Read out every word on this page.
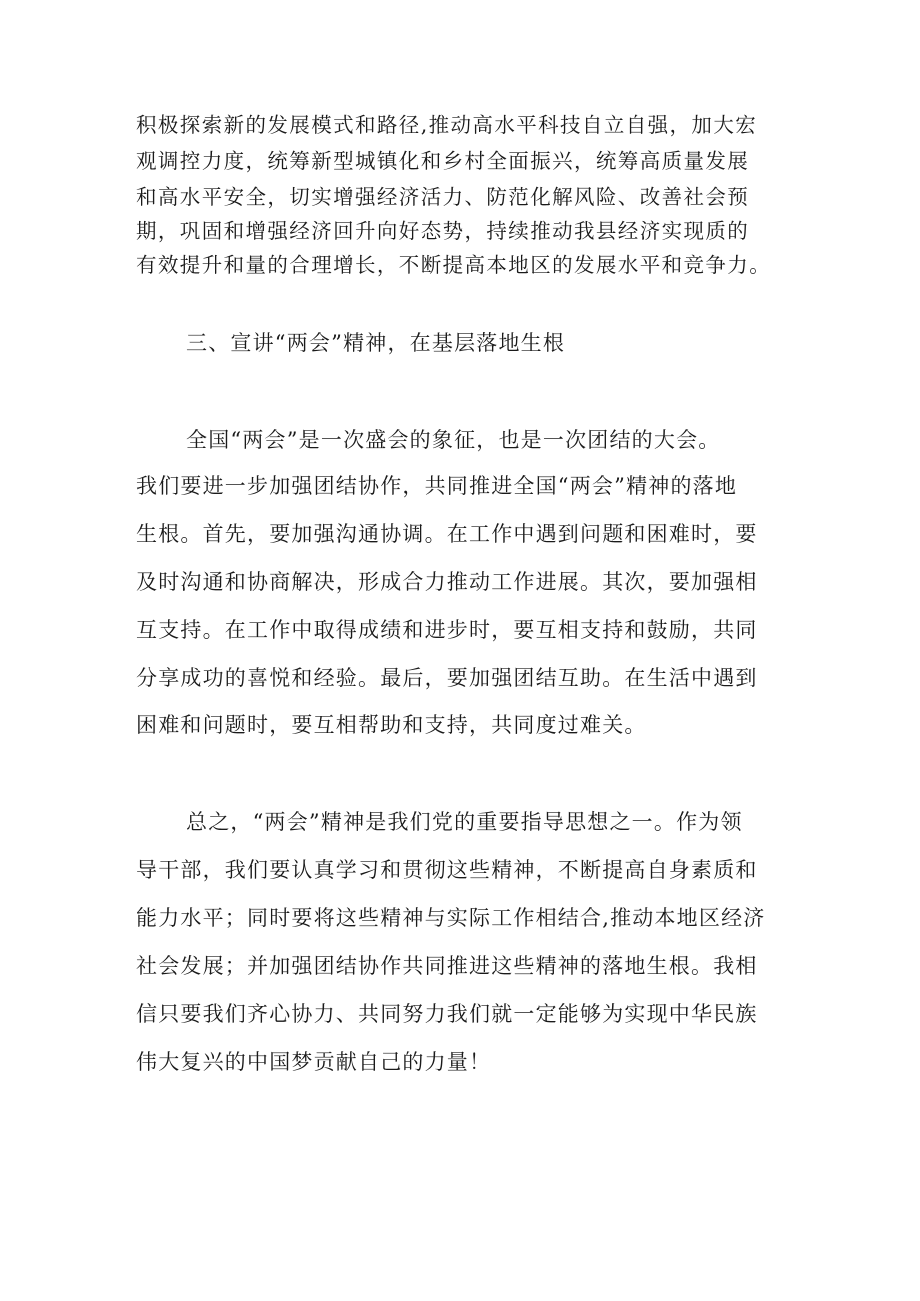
积极探索新的发展模式和路径,推动高水平科技自立自强，加大宏
观调控力度，统筹新型城镇化和乡村全面振兴，统筹高质量发展
和高水平安全，切实增强经济活力、防范化解风险、改善社会预
期，巩固和增强经济回升向好态势，持续推动我县经济实现质的
有效提升和量的合理增长，不断提高本地区的发展水平和竞争力。
三、宣讲“两会”精神，在基层落地生根
全国“两会”是一次盛会的象征，也是一次团结的大会。
我们要进一步加强团结协作，共同推进全国“两会”精神的落地
生根。首先，要加强沟通协调。在工作中遇到问题和困难时，要
及时沟通和协商解决，形成合力推动工作进展。其次，要加强相
互支持。在工作中取得成绩和进步时，要互相支持和鼓励，共同
分享成功的喜悦和经验。最后，要加强团结互助。在生活中遇到
困难和问题时，要互相帮助和支持，共同度过难关。
总之，“两会”精神是我们党的重要指导思想之一。作为领
导干部，我们要认真学习和贯彻这些精神，不断提高自身素质和
能力水平；同时要将这些精神与实际工作相结合,推动本地区经济
社会发展；并加强团结协作共同推进这些精神的落地生根。我相
信只要我们齐心协力、共同努力我们就一定能够为实现中华民族
伟大复兴的中国梦贡献自己的力量！
